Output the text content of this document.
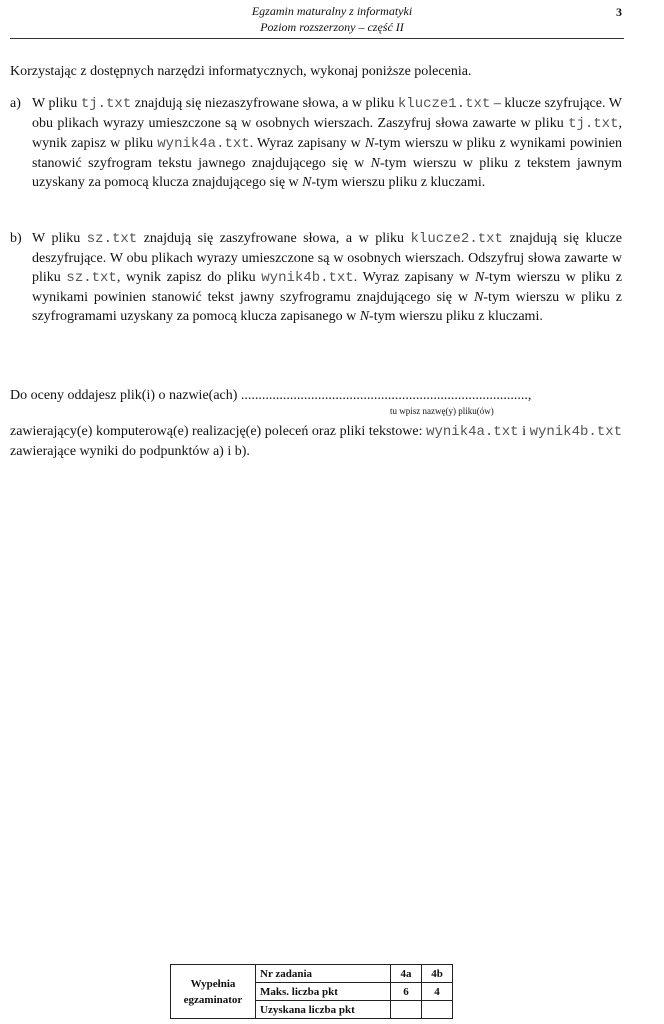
Egzamin maturalny z informatyki
Poziom rozszerzony – część II
3
Korzystając z dostępnych narzędzi informatycznych, wykonaj poniższe polecenia.
a) W pliku tj.txt znajdują się niezaszyfrowane słowa, a w pliku klucze1.txt – klucze szyfrujące. W obu plikach wyrazy umieszczone są w osobnych wierszach. Zaszyfruj słowa zawarte w pliku tj.txt, wynik zapisz w pliku wynik4a.txt. Wyraz zapisany w N-tym wierszu w pliku z wynikami powinien stanowić szyfrogram tekstu jawnego znajdującego się w N-tym wierszu w pliku z tekstem jawnym uzyskany za pomocą klucza znajdującego się w N-tym wierszu pliku z kluczami.
b) W pliku sz.txt znajdują się zaszyfrowane słowa, a w pliku klucze2.txt znajdują się klucze deszyfrujące. W obu plikach wyrazy umieszczone są w osobnych wierszach. Odszyfruj słowa zawarte w pliku sz.txt, wynik zapisz do pliku wynik4b.txt. Wyraz zapisany w N-tym wierszu w pliku z wynikami powinien stanowić tekst jawny szyfrogramu znajdującego się w N-tym wierszu w pliku z szyfrogramami uzyskany za pomocą klucza zapisanego w N-tym wierszu pliku z kluczami.
Do oceny oddajesz plik(i) o nazwie(ach) ..................................................................................,
tu wpisz nazwę(y) pliku(ów)
zawierający(e) komputerową(e) realizację(e) poleceń oraz pliki tekstowe: wynik4a.txt i wynik4b.txt zawierające wyniki do podpunktów a) i b).
Wypełnia egzaminator	Nr zadania	4a	4b
	Maks. liczba pkt	6	4
	Uzyskana liczba pkt		
